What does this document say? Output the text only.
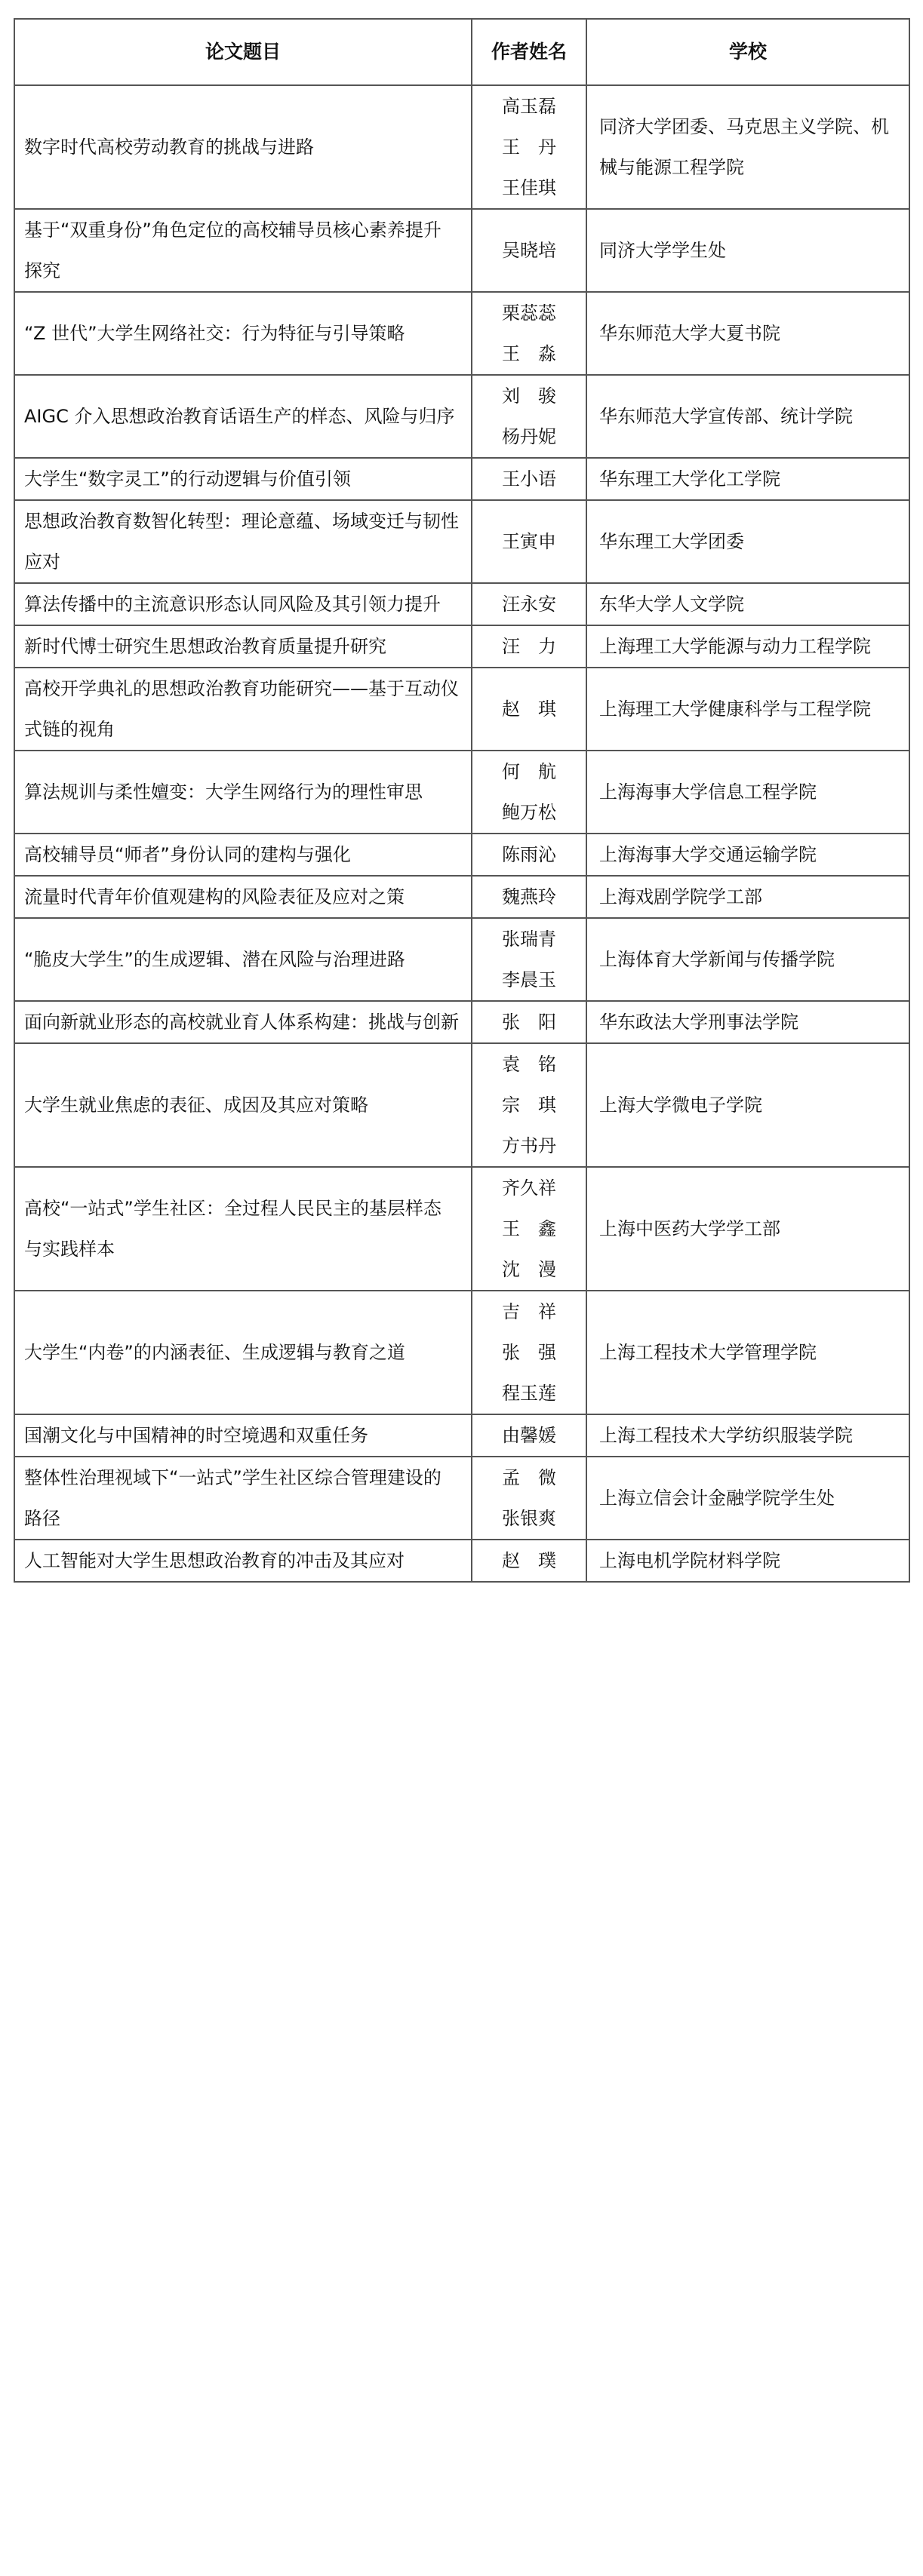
论文题目	作者姓名	学校
数字时代高校劳动教育的挑战与进路	高玉磊
王　丹
王佳琪	同济大学团委、马克思主义学院、机械与能源工程学院
基于“双重身份”角色定位的高校辅导员核心素养提升探究	吴晓培	同济大学学生处
“Z 世代”大学生网络社交：行为特征与引导策略	栗蕊蕊
王　淼	华东师范大学大夏书院
AIGC 介入思想政治教育话语生产的样态、风险与归序	刘　骏
杨丹妮	华东师范大学宣传部、统计学院
大学生“数字灵工”的行动逻辑与价值引领	王小语	华东理工大学化工学院
思想政治教育数智化转型：理论意蕴、场域变迁与韧性应对	王寅申	华东理工大学团委
算法传播中的主流意识形态认同风险及其引领力提升	汪永安	东华大学人文学院
新时代博士研究生思想政治教育质量提升研究	汪　力	上海理工大学能源与动力工程学院
高校开学典礼的思想政治教育功能研究——基于互动仪式链的视角	赵　琪	上海理工大学健康科学与工程学院
算法规训与柔性嬗变：大学生网络行为的理性审思	何　航
鲍万松	上海海事大学信息工程学院
高校辅导员“师者”身份认同的建构与强化	陈雨沁	上海海事大学交通运输学院
流量时代青年价值观建构的风险表征及应对之策	魏燕玲	上海戏剧学院学工部
“脆皮大学生”的生成逻辑、潜在风险与治理进路	张瑞青
李晨玉	上海体育大学新闻与传播学院
面向新就业形态的高校就业育人体系构建：挑战与创新	张　阳	华东政法大学刑事法学院
大学生就业焦虑的表征、成因及其应对策略	袁　铭
宗　琪
方书丹	上海大学微电子学院
高校“一站式”学生社区：全过程人民民主的基层样态与实践样本	齐久祥
王　鑫
沈　漫	上海中医药大学学工部
大学生“内卷”的内涵表征、生成逻辑与教育之道	吉　祥
张　强
程玉莲	上海工程技术大学管理学院
国潮文化与中国精神的时空境遇和双重任务	由馨媛	上海工程技术大学纺织服装学院
整体性治理视域下“一站式”学生社区综合管理建设的路径	孟　微
张银爽	上海立信会计金融学院学生处
人工智能对大学生思想政治教育的冲击及其应对	赵　璞	上海电机学院材料学院
